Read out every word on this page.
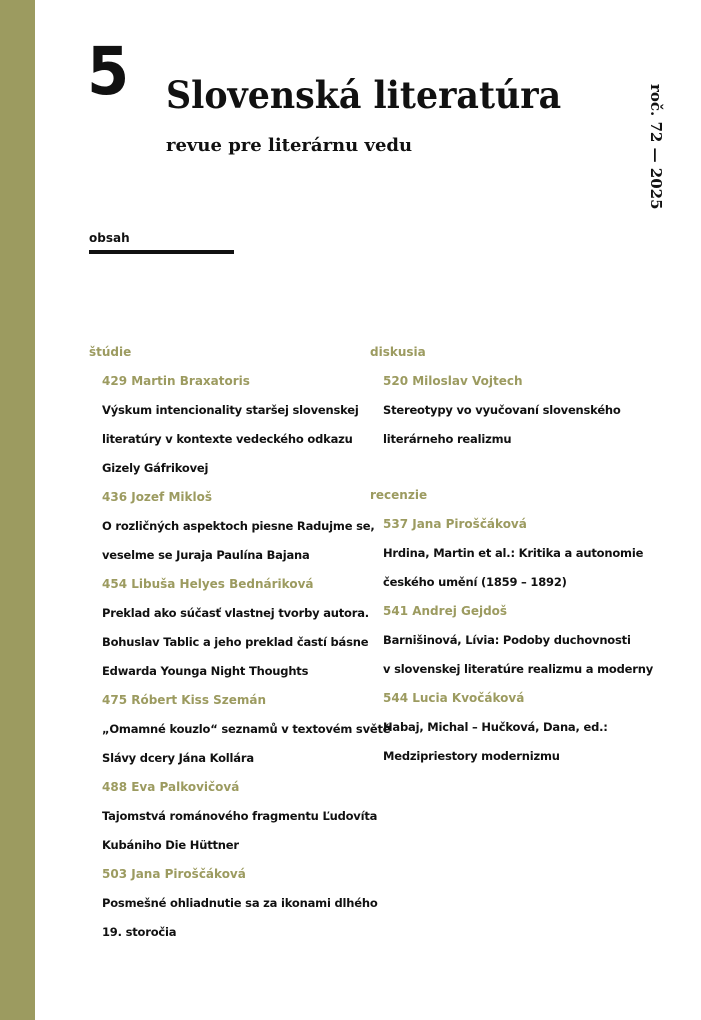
5 Slovenská literatúra
revue pre literárnu vedu	roč. 72 — 2025
obsah
štúdie
429 Martin Braxatoris
Výskum intencionality staršej slovenskej
literatúry v kontexte vedeckého odkazu
Gizely Gáfrikovej
436 Jozef Mikloš
O rozličných aspektoch piesne Radujme se,
veselme se Juraja Paulína Bajana
454 Libuša Helyes Bednáriková
Preklad ako súčasť vlastnej tvorby autora.
Bohuslav Tablic a jeho preklad častí básne
Edwarda Younga Night Thoughts
475 Róbert Kiss Szemán
„Omamné kouzlo“ seznamů v textovém světě
Slávy dcery Jána Kollára
488 Eva Palkovičová
Tajomstvá románového fragmentu Ľudovíta
Kubániho Die Hüttner
503 Jana Piroščáková
Posmešné ohliadnutie sa za ikonami dlhého
19. storočia
diskusia
520 Miloslav Vojtech
Stereotypy vo vyučovaní slovenského
literárneho realizmu
recenzie
537 Jana Piroščáková
Hrdina, Martin et al.: Kritika a autonomie
českého umění (1859 – 1892)
541 Andrej Gejdoš
Barnišinová, Lívia: Podoby duchovnosti
v slovenskej literatúre realizmu a moderny
544 Lucia Kvočáková
Habaj, Michal – Hučková, Dana, ed.:
Medzipriestory modernizmu
